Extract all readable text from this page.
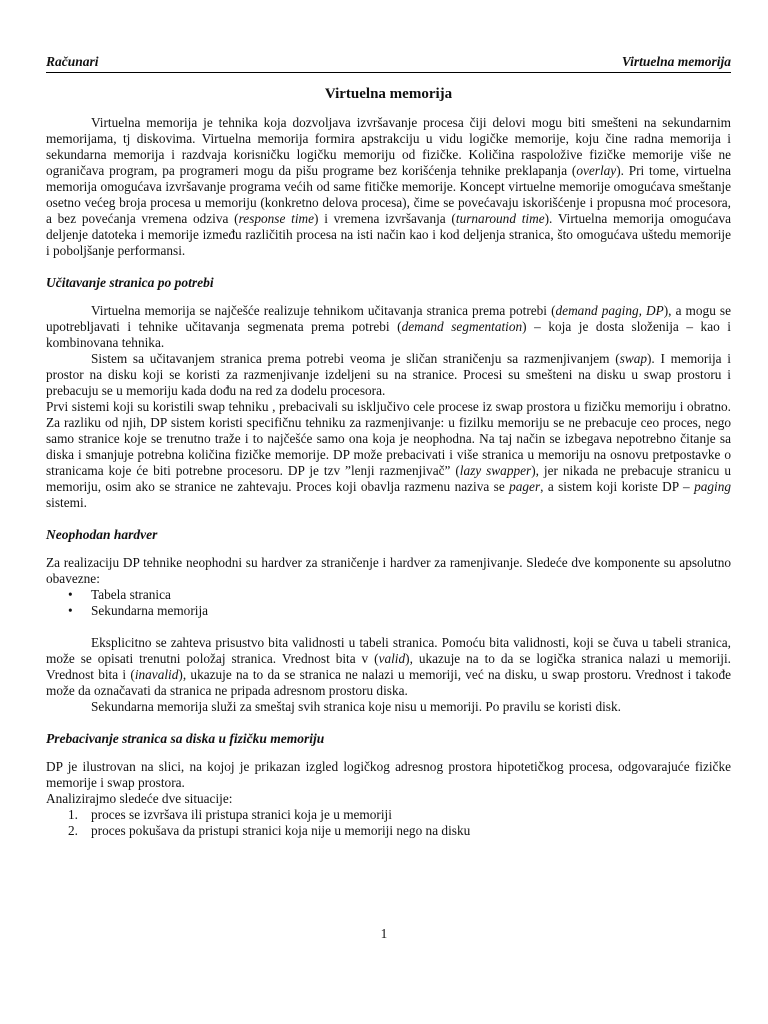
Računari	Virtuelna memorija
Virtuelna memorija

Virtuelna memorija je tehnika koja dozvoljava izvršavanje procesa čiji delovi mogu biti smešteni na sekundarnim memorijama, tj diskovima. Virtuelna memorija formira apstrakciju u vidu logičke memorije, koju čine radna memorija i sekundarna memorija i razdvaja korisničku logičku memoriju od fizičke. Količina raspoložive fizičke memorije više ne ograničava program, pa programeri mogu da pišu programe bez korišćenja tehnike preklapanja (overlay). Pri tome, virtuelna memorija omogućava izvršavanje programa većih od same fitičke memorije. Koncept virtuelne memorije omogućava smeštanje osetno većeg broja procesa u memoriju (konkretno delova procesa), čime se povećavaju iskorišćenje i propusna moć procesora, a bez povećanja vremena odziva (response time) i vremena izvršavanja (turnaround time). Virtuelna memorija omogućava deljenje datoteka i memorije između različitih procesa na isti način kao i kod deljenja stranica, što omogućava uštedu memorije i poboljšanje performansi.

Učitavanje stranica po potrebi

Virtuelna memorija se najčešće realizuje tehnikom učitavanja stranica prema potrebi (demand paging, DP), a mogu se upotrebljavati i tehnike učitavanja segmenata prema potrebi (demand segmentation) – koja je dosta složenija – kao i kombinovana tehnika.

Sistem sa učitavanjem stranica prema potrebi veoma je sličan straničenju sa razmenjivanjem (swap). I memorija i prostor na disku koji se koristi za razmenjivanje izdeljeni su na stranice. Procesi su smešteni na disku u swap prostoru i prebacuju se u memoriju kada dođu na red za dodelu procesora.

Prvi sistemi koji su koristili swap tehniku , prebacivali su isključivo cele procese iz swap prostora u fizičku memoriju i obratno. Za razliku od njih, DP sistem koristi specifičnu tehniku za razmenjivanje: u fizilku memoriju se ne prebacuje ceo proces, nego samo stranice koje se trenutno traže i to najčešće samo ona koja je neophodna. Na taj način se izbegava nepotrebno čitanje sa diska i smanjuje potrebna količina fizičke memorije. DP može prebacivati i više stranica u memoriju na osnovu pretpostavke o stranicama koje će biti potrebne procesoru. DP je tzv ”lenji razmenjivač” (lazy swapper), jer nikada ne prebacuje stranicu u memoriju, osim ako se stranice ne zahtevaju. Proces koji obavlja razmenu naziva se pager, a sistem koji koriste DP – paging sistemi.

Neophodan hardver

Za realizaciju DP tehnike neophodni su hardver za straničenje i hardver za ramenjivanje. Sledeće dve komponente su apsolutno obavezne:

• Tabela stranica
• Sekundarna memorija

Eksplicitno se zahteva prisustvo bita validnosti u tabeli stranica. Pomoću bita validnosti, koji se čuva u tabeli stranica, može se opisati trenutni položaj stranica. Vrednost bita v (valid), ukazuje na to da se logička stranica nalazi u memoriji. Vrednost bita i (inavalid), ukazuje na to da se stranica ne nalazi u memoriji, već na disku, u swap prostoru. Vrednost i takođe može da označavati da stranica ne pripada adresnom prostoru diska.

Sekundarna memorija služi za smeštaj svih stranica koje nisu u memoriji. Po pravilu se koristi disk.

Prebacivanje stranica sa diska u fizičku memoriju

DP je ilustrovan na slici, na kojoj je prikazan izgled logičkog adresnog prostora hipotetičkog procesa, odgovarajuće fizičke memorije i swap prostora.

Analizirajmo sledeće dve situacije:

1. proces se izvršava ili pristupa stranici koja je u memoriji
2. proces pokušava da pristupi stranici koja nije u memoriji nego na disku
1
